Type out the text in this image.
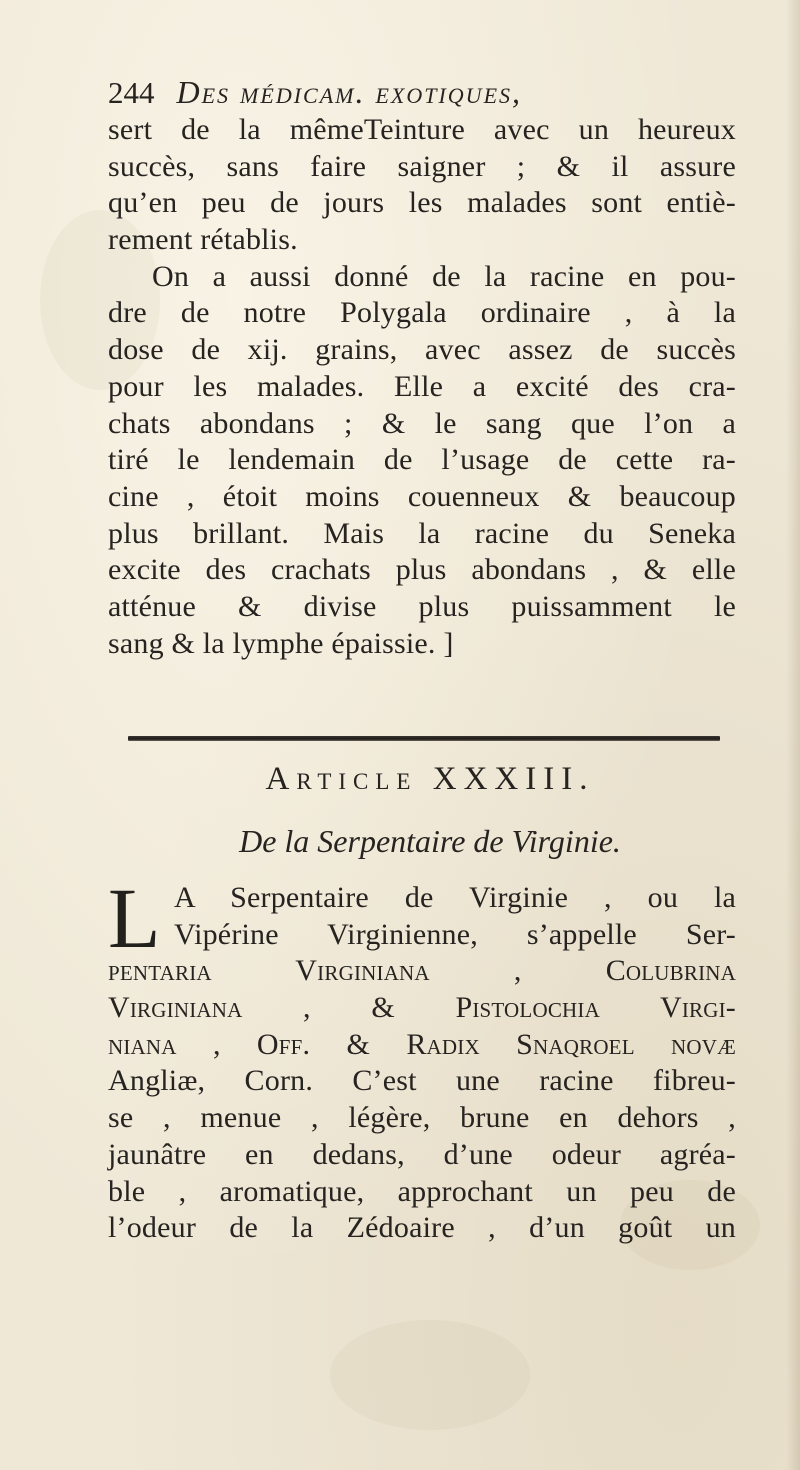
244 Des médicam. exotiques,
sert de la mêmeTeinture avec un heureux
succès, sans faire saigner ; & il assure
qu’en peu de jours les malades sont entiè-
rement rétablis.
On a aussi donné de la racine en pou-
dre de notre Polygala ordinaire , à la
dose de xij. grains, avec assez de succès
pour les malades. Elle a excité des cra-
chats abondans ; & le sang que l’on a
tiré le lendemain de l’usage de cette ra-
cine , étoit moins couenneux & beaucoup
plus brillant. Mais la racine du Seneka
excite des crachats plus abondans , & elle
atténue & divise plus puissamment le
sang & la lymphe épaissie. ]
Article XXXIII.
De la Serpentaire de Virginie.
L A Serpentaire de Virginie , ou la
Vipérine Virginienne, s’appelle Ser-
pentaria Virginiana , Colubrina
Virginiana , & Pistolochia Virgi-
niana , Off. & Radix Snaqroel novæ
Angliæ, Corn. C’est une racine fibreu-
se , menue , légère, brune en dehors ,
jaunâtre en dedans, d’une odeur agréa-
ble , aromatique, approchant un peu de
l’odeur de la Zédoaire , d’un goût un
